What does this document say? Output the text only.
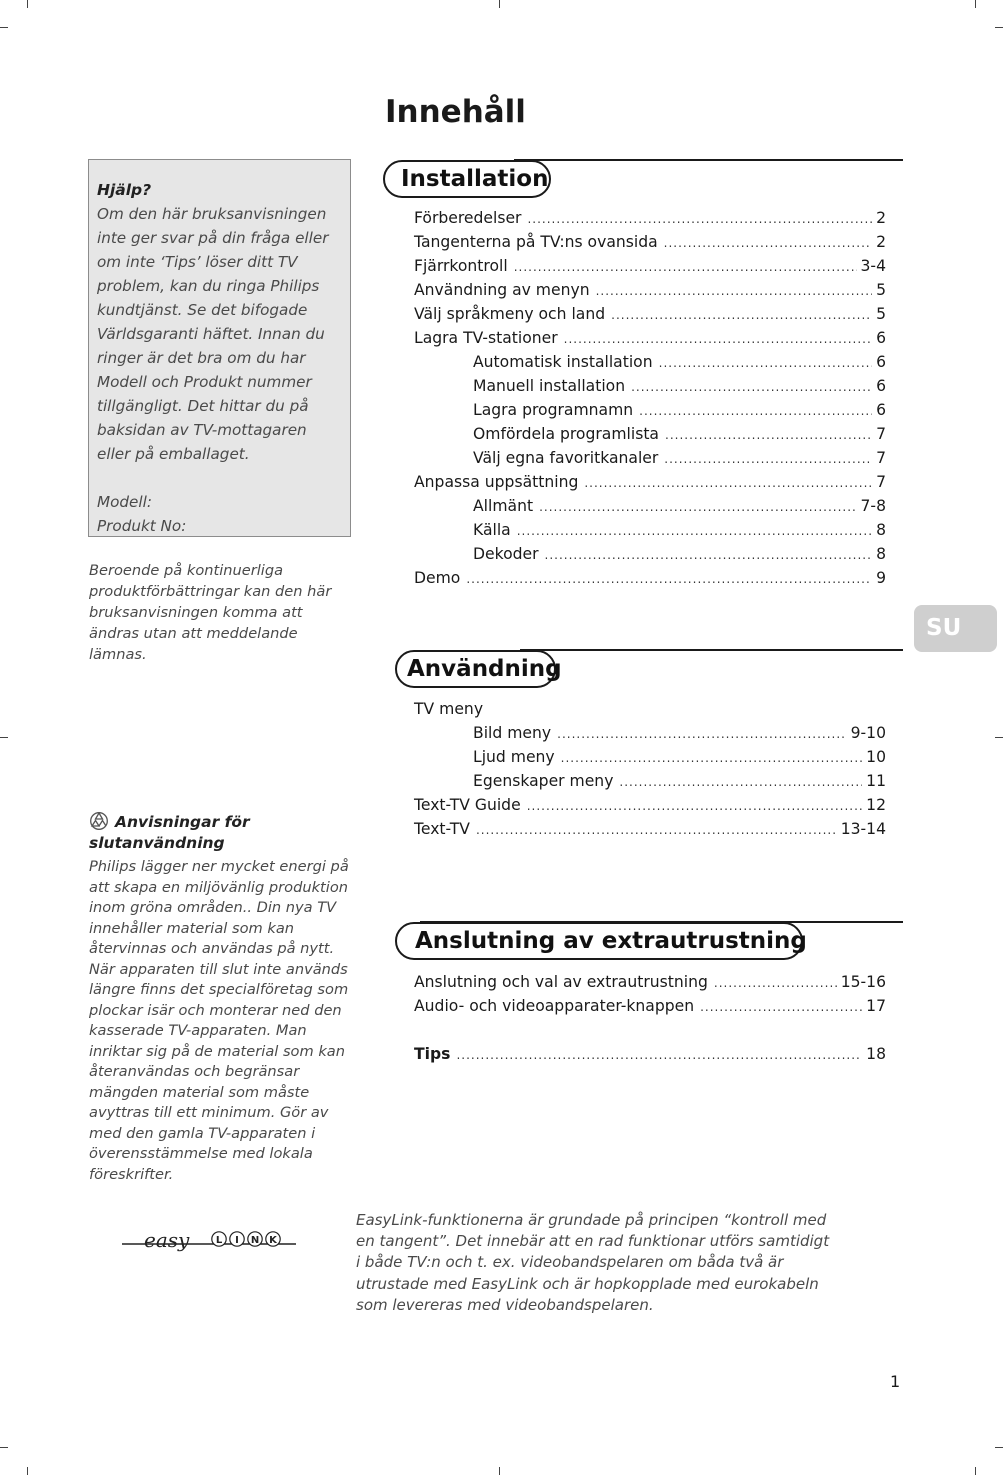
Innehåll

Hjälp?

Om den här bruksanvisningen inte ger svar på din fråga eller om inte ‘Tips’ löser ditt TV problem, kan du ringa Philips kundtjänst. Se det bifogade Världsgaranti häftet. Innan du ringer är det bra om du har Modell och Produkt nummer tillgängligt. Det hittar du på baksidan av TV-mottagaren eller på emballaget.

Modell:

Produkt No:

Beroende på kontinuerliga produktförbättringar kan den här bruksanvisningen komma att ändras utan att meddelande lämnas.

Anvisningar för slutanvändning

Philips lägger ner mycket energi på att skapa en miljövänlig produktion inom gröna områden.. Din nya TV innehåller material som kan återvinnas och användas på nytt. När apparaten till slut inte används längre finns det specialföretag som plockar isär och monterar ned den kasserade TV-apparaten. Man inriktar sig på de material som kan återanvändas och begränsar mängden material som måste avyttras till ett minimum. Gör av med den gamla TV-apparaten i överensstämmelse med lokala föreskrifter.

easy	L I N K

EasyLink-funktionerna är grundade på principen “kontroll med en tangent”. Det innebär att en rad funktionar utförs samtidigt i både TV:n och t. ex. videobandspelaren om båda två är utrustade med EasyLink och är hopkopplade med eurokabeln som levereras med videobandspelaren.

Installation
Förberedelser .....	2
Tangenterna på TV:ns ovansida .....	2
Fjärrkontroll .....	3-4
Användning av menyn .....	5
Välj språkmeny och land .....	5
Lagra TV-stationer .....	6
Automatisk installation .....	6
Manuell installation .....	6
Lagra programnamn .....	6
Omfördela programlista .....	7
Välj egna favoritkanaler .....	7
Anpassa uppsättning .....	7
Allmänt .....	7-8
Källa .....	8
Dekoder .....	8
Demo .....	9
SU
Användning
TV meny
Bild meny .....	9-10
Ljud meny .....	10
Egenskaper meny .....	11
Text-TV Guide .....	12
Text-TV .....	13-14
Anslutning av extrautrustning
Anslutning och val av extrautrustning .....	15-16
Audio- och videoapparater-knappen .....	17
Tips .....	18
1
